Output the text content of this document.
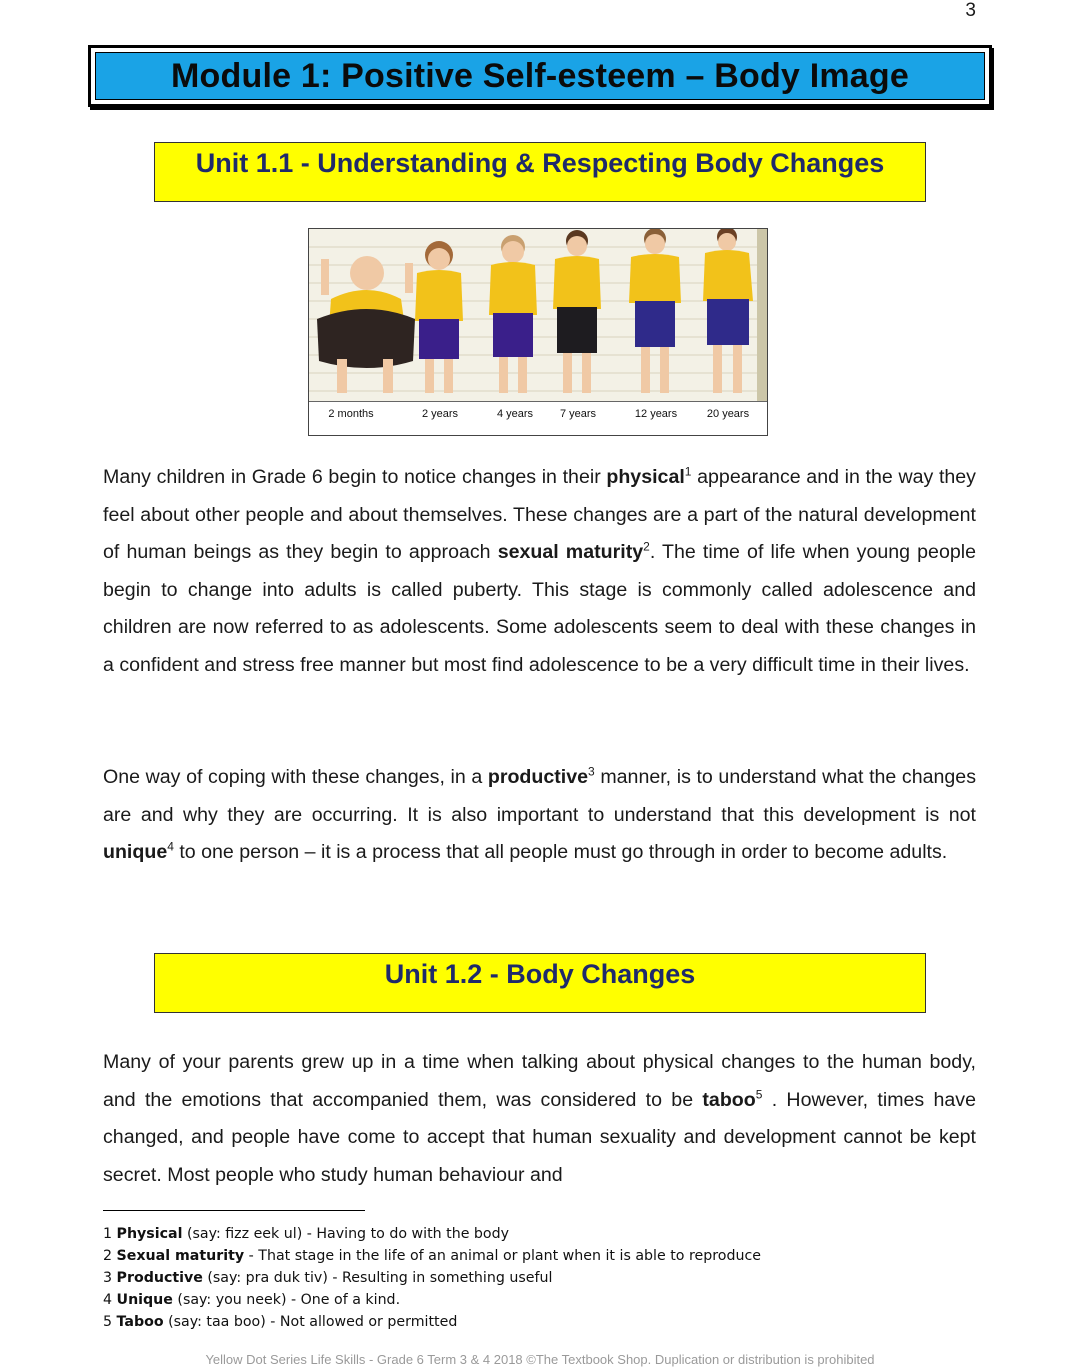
3
Module 1: Positive Self-esteem – Body Image
Unit 1.1 - Understanding & Respecting Body Changes
2 months	2 years	4 years 7 years	12 years	20 years

Many children in Grade 6 begin to notice changes in their physical$^1$ appearance and in the way they feel about other people and about themselves. These changes are a part of the natural development of human beings as they begin to approach sexual maturity$^2$. The time of life when young people begin to change into adults is called puberty. This stage is commonly called adolescence and children are now referred to as adolescents. Some adolescents seem to deal with these changes in a confident and stress free manner but most find adolescence to be a very difficult time in their lives.

One way of coping with these changes, in a productive$^3$ manner, is to understand what the changes are and why they are occurring. It is also important to understand that this development is not unique$^4$ to one person – it is a process that all people must go through in order to become adults.

Unit 1.2 - Body Changes

Many of your parents grew up in a time when talking about physical changes to the human body, and the emotions that accompanied them, was considered to be taboo$^5$ . However, times have changed, and people have come to accept that human sexuality and development cannot be kept secret. Most people who study human behaviour and

1 Physical (say: fizz eek ul) - Having to do with the body
2 Sexual maturity - That stage in the life of an animal or plant when it is able to reproduce
3 Productive (say: pra duk tiv) - Resulting in something useful
4 Unique (say: you neek) - One of a kind.
5 Taboo (say: taa boo) - Not allowed or permitted
Yellow Dot Series Life Skills - Grade 6 Term 3 & 4 2018 ©The Textbook Shop. Duplication or distribution is prohibited
